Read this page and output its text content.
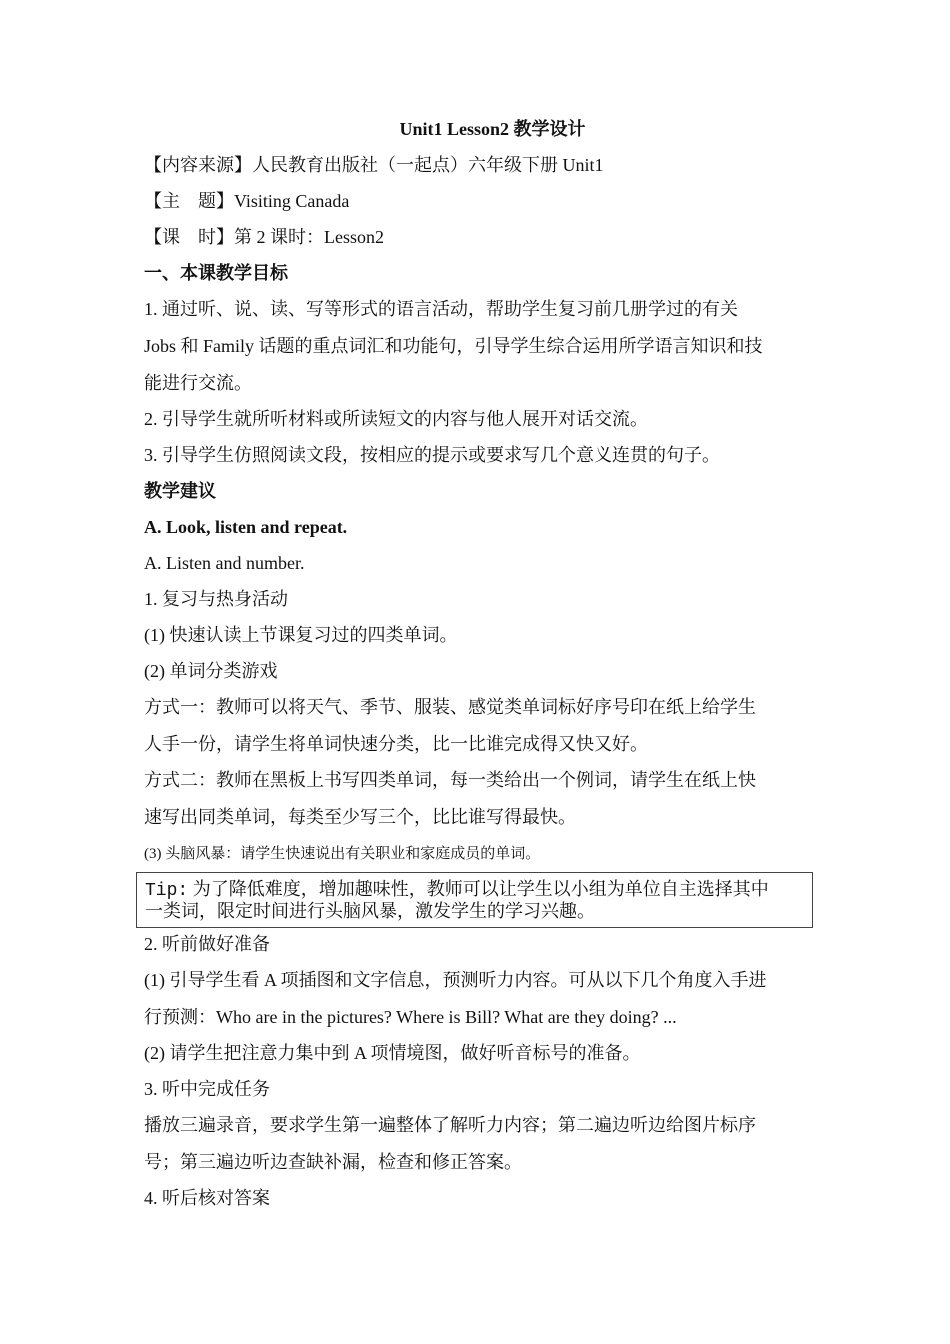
Unit1 Lesson2 教学设计
【内容来源】人民教育出版社（一起点）六年级下册 Unit1
【主　题】Visiting Canada
【课　时】第 2 课时：Lesson2
一、本课教学目标
1. 通过听、说、读、写等形式的语言活动，帮助学生复习前几册学过的有关
Jobs 和 Family 话题的重点词汇和功能句，引导学生综合运用所学语言知识和技
能进行交流。
2. 引导学生就所听材料或所读短文的内容与他人展开对话交流。
3. 引导学生仿照阅读文段，按相应的提示或要求写几个意义连贯的句子。
教学建议
A. Look, listen and repeat.
A. Listen and number.
1. 复习与热身活动
(1) 快速认读上节课复习过的四类单词。
(2) 单词分类游戏
方式一：教师可以将天气、季节、服装、感觉类单词标好序号印在纸上给学生
人手一份，请学生将单词快速分类，比一比谁完成得又快又好。
方式二：教师在黑板上书写四类单词，每一类给出一个例词，请学生在纸上快
速写出同类单词，每类至少写三个，比比谁写得最快。
(3) 头脑风暴：请学生快速说出有关职业和家庭成员的单词。
Tip: 为了降低难度，增加趣味性，教师可以让学生以小组为单位自主选择其中
一类词，限定时间进行头脑风暴，激发学生的学习兴趣。
2. 听前做好准备
(1) 引导学生看 A 项插图和文字信息，预测听力内容。可从以下几个角度入手进
行预测：Who are in the pictures? Where is Bill? What are they doing? ...
(2) 请学生把注意力集中到 A 项情境图，做好听音标号的准备。
3. 听中完成任务
播放三遍录音，要求学生第一遍整体了解听力内容；第二遍边听边给图片标序
号；第三遍边听边查缺补漏，检查和修正答案。
4. 听后核对答案
